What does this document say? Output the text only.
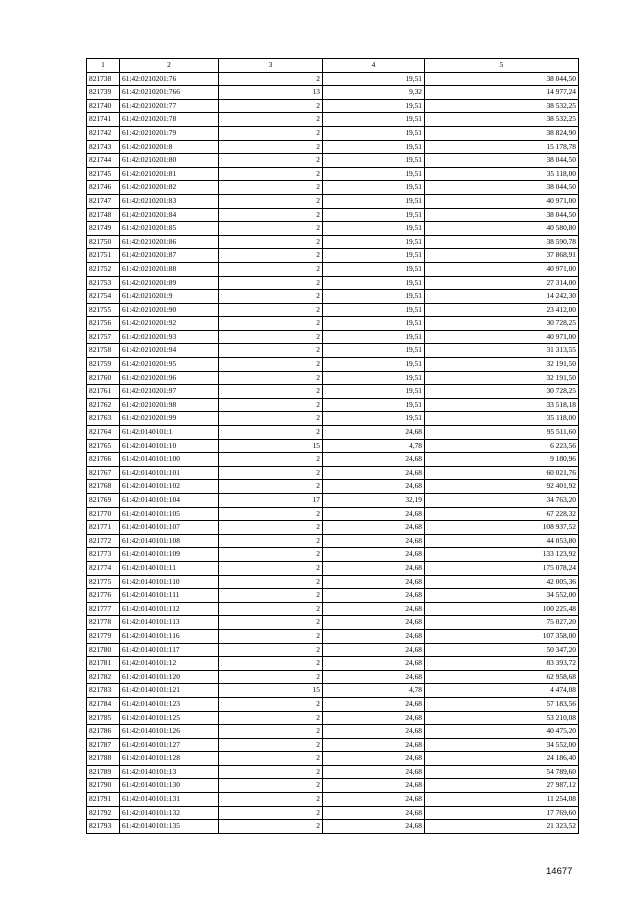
1	2	3	4	5
821738	61:42:0210201:76	2	19,51	38 044,50
821739	61:42:0210201:766	13	9,32	14 977,24
821740	61:42:0210201:77	2	19,51	38 532,25
821741	61:42:0210201:78	2	19,51	38 532,25
821742	61:42:0210201:79	2	19,51	38 824,90
821743	61:42:0210201:8	2	19,51	15 178,78
821744	61:42:0210201:80	2	19,51	38 044,50
821745	61:42:0210201:81	2	19,51	35 118,00
821746	61:42:0210201:82	2	19,51	38 044,50
821747	61:42:0210201:83	2	19,51	40 971,00
821748	61:42:0210201:84	2	19,51	38 044,50
821749	61:42:0210201:85	2	19,51	40 580,80
821750	61:42:0210201:86	2	19,51	38 590,78
821751	61:42:0210201:87	2	19,51	37 868,91
821752	61:42:0210201:88	2	19,51	40 971,00
821753	61:42:0210201:89	2	19,51	27 314,00
821754	61:42:0210201:9	2	19,51	14 242,30
821755	61:42:0210201:90	2	19,51	23 412,00
821756	61:42:0210201:92	2	19,51	30 728,25
821757	61:42:0210201:93	2	19,51	40 971,00
821758	61:42:0210201:94	2	19,51	31 313,55
821759	61:42:0210201:95	2	19,51	32 191,50
821760	61:42:0210201:96	2	19,51	32 191,50
821761	61:42:0210201:97	2	19,51	30 728,25
821762	61:42:0210201:98	2	19,51	33 518,18
821763	61:42:0210201:99	2	19,51	35 118,00
821764	61:42:0140101:1	2	24,68	95 511,60
821765	61:42:0140101:10	15	4,78	6 223,56
821766	61:42:0140101:100	2	24,68	9 180,96
821767	61:42:0140101:101	2	24,68	60 021,76
821768	61:42:0140101:102	2	24,68	92 401,92
821769	61:42:0140101:104	17	32,19	34 763,20
821770	61:42:0140101:105	2	24,68	67 228,32
821771	61:42:0140101:107	2	24,68	108 937,52
821772	61:42:0140101:108	2	24,68	44 053,80
821773	61:42:0140101:109	2	24,68	133 123,92
821774	61:42:0140101:11	2	24,68	175 078,24
821775	61:42:0140101:110	2	24,68	42 005,36
821776	61:42:0140101:111	2	24,68	34 552,00
821777	61:42:0140101:112	2	24,68	100 225,48
821778	61:42:0140101:113	2	24,68	75 027,20
821779	61:42:0140101:116	2	24,68	107 358,00
821780	61:42:0140101:117	2	24,68	50 347,20
821781	61:42:0140101:12	2	24,68	83 393,72
821782	61:42:0140101:120	2	24,68	62 958,68
821783	61:42:0140101:121	15	4,78	4 474,08
821784	61:42:0140101:123	2	24,68	57 183,56
821785	61:42:0140101:125	2	24,68	53 210,08
821786	61:42:0140101:126	2	24,68	40 475,20
821787	61:42:0140101:127	2	24,68	34 552,00
821788	61:42:0140101:128	2	24,68	24 186,40
821789	61:42:0140101:13	2	24,68	54 789,60
821790	61:42:0140101:130	2	24,68	27 987,12
821791	61:42:0140101:131	2	24,68	11 254,08
821792	61:42:0140101:132	2	24,68	17 769,60
821793	61:42:0140101:135	2	24,68	21 323,52
14677
